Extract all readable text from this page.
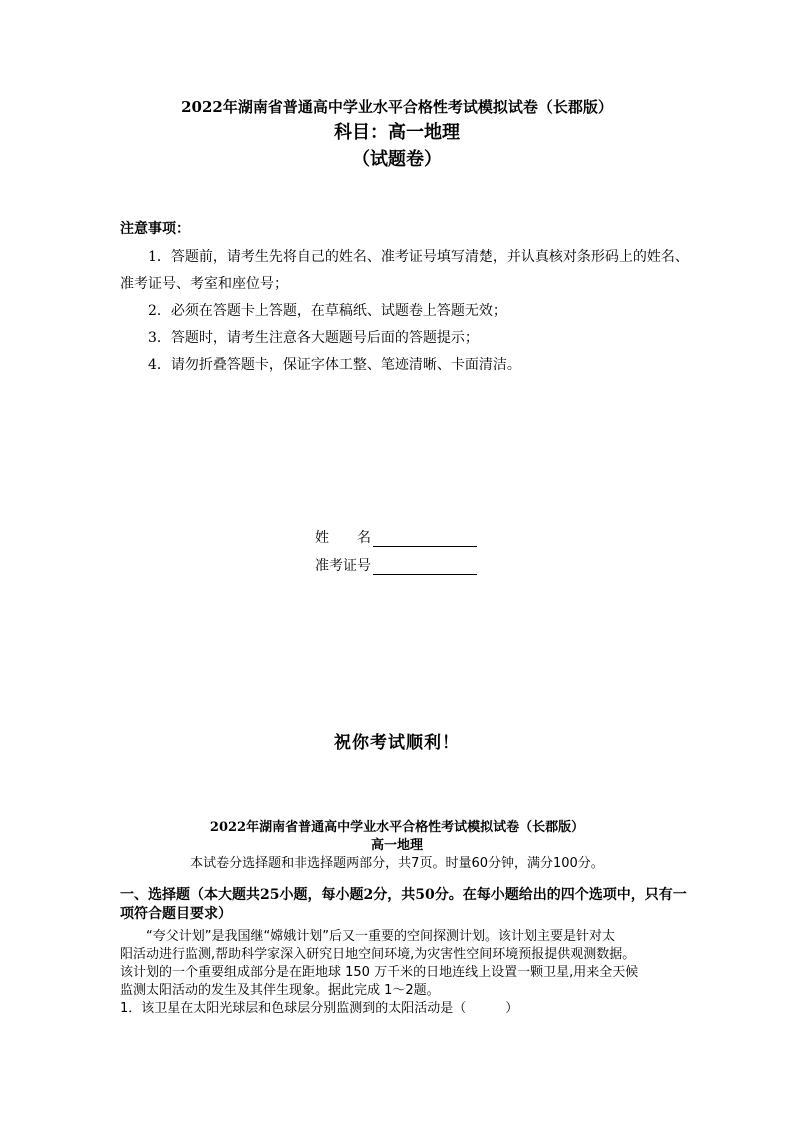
2022年湖南省普通高中学业水平合格性考试模拟试卷（长郡版）
科目：高一地理
（试题卷）
注意事项：
1．答题前，请考生先将自己的姓名、准考证号填写清楚，并认真核对条形码上的姓名、
准考证号、考室和座位号；
2．必须在答题卡上答题，在草稿纸、试题卷上答题无效；
3．答题时，请考生注意各大题题号后面的答题提示；
4．请勿折叠答题卡，保证字体工整、笔迹清晰、卡面清洁。
姓　　名
准考证号
祝你考试顺利！
2022年湖南省普通高中学业水平合格性考试模拟试卷（长郡版）
高一地理
本试卷分选择题和非选择题两部分，共7页。时量60分钟，满分100分。
一、选择题（本大题共25小题，每小题2分，共50分。在每小题给出的四个选项中，只有一项符合题目要求）
　　“夸父计划”是我国继“嫦娥计划”后又一重要的空间探测计划。该计划主要是针对太
阳活动进行监测,帮助科学家深入研究日地空间环境,为灾害性空间环境预报提供观测数据。
该计划的一个重要组成部分是在距地球 150 万千米的日地连线上设置一颗卫星,用来全天候
监测太阳活动的发生及其伴生现象。据此完成 1～2题。
1．该卫星在太阳光球层和色球层分别监测到的太阳活动是（　　　）
